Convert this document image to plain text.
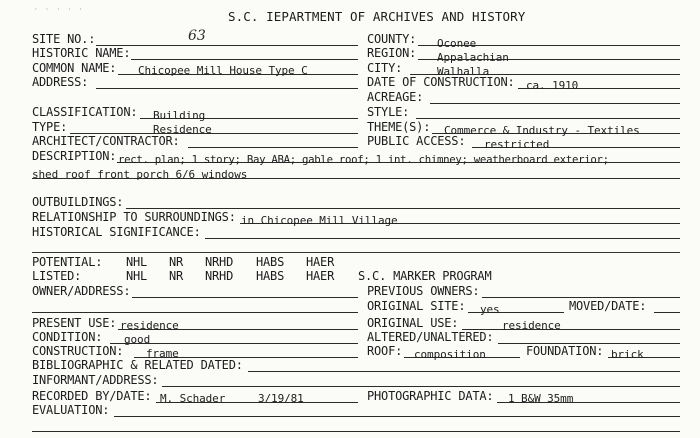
· · · · ·	S.C. IEPARTMENT OF ARCHIVES AND HISTORY
SITE NO.:	63	COUNTY: Oconee
HISTORIC NAME:	REGION: Appalachian
COMMON NAME: Chicopee Mill House Type C	CITY:	Walhalla
ADDRESS:	DATE OF CONSTRUCTION: ca. 1910
ACREAGE:
CLASSIFICATION: Building	STYLE:
TYPE:	Residence	THEME(S): Commerce & Industry - Textiles
ARCHITECT/CONTRACTOR:	PUBLIC ACCESS: restricted
DESCRIPTION: rect. plan; 1 story; Bay ABA; gable roof; 1 int. chimney; weatherboard exterior;
shed roof front porch 6/6 windows
OUTBUILDINGS:
RELATIONSHIP TO SURROUNDINGS: in Chicopee Mill Village
HISTORICAL SIGNIFICANCE:
POTENTIAL: NHL NR NRHD HABS HAER
LISTED:	NHL NR NRHD HABS HAER S.C. MARKER PROGRAM
OWNER/ADDRESS:	PREVIOUS OWNERS:
ORIGINAL SITE: yes	MOVED/DATE:
PRESENT USE: residence	ORIGINAL USE:	residence
CONDITION: good	ALTERED/UNALTERED:
CONSTRUCTION: frame	ROOF: composition	FOUNDATION: brick
BIBLIOGRAPHIC & RELATED DATED:
INFORMANT/ADDRESS:
RECORDED BY/DATE: M. Schader	3/19/81	PHOTOGRAPHIC DATA: 1 B&W 35mm
EVALUATION:
